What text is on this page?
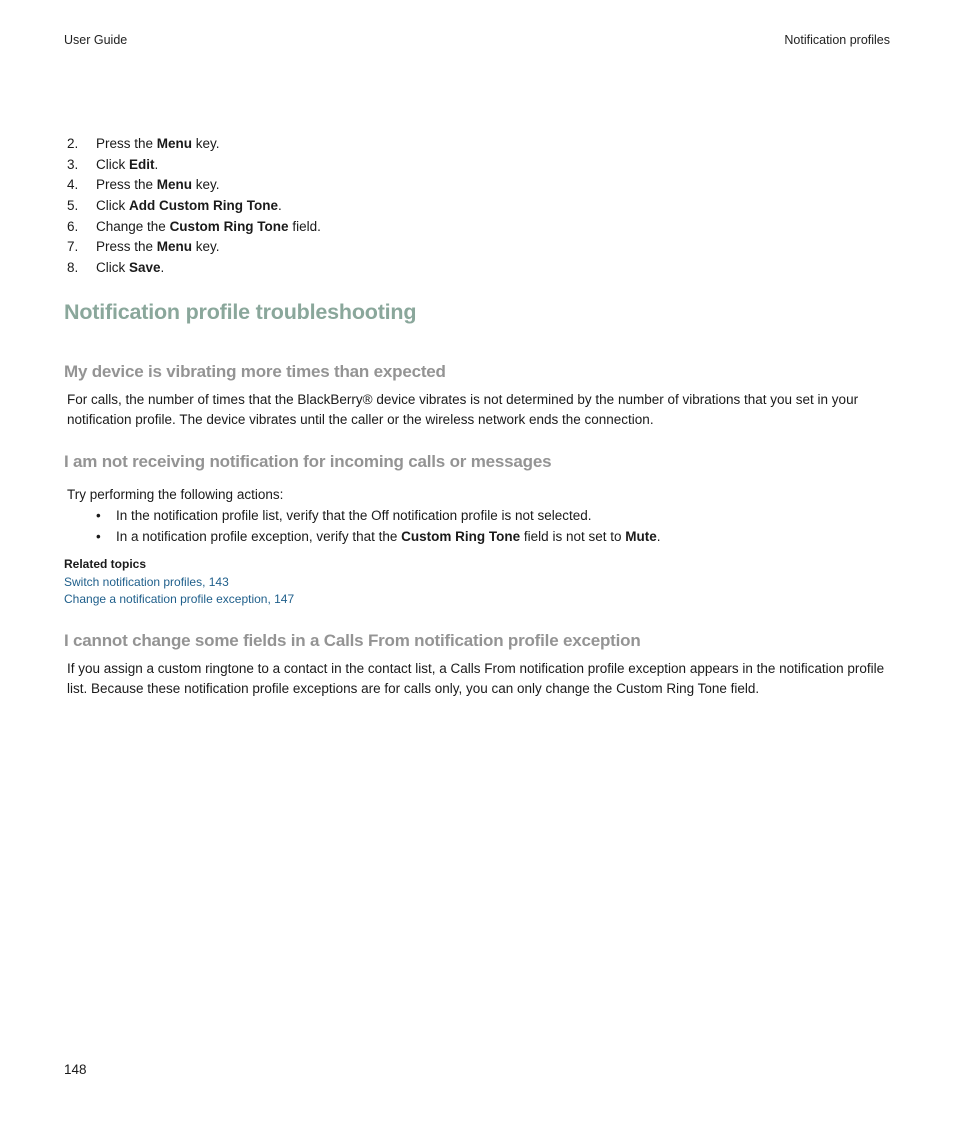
User Guide	Notification profiles
2. Press the Menu key.
3. Click Edit.
4. Press the Menu key.
5. Click Add Custom Ring Tone.
6. Change the Custom Ring Tone field.
7. Press the Menu key.
8. Click Save.
Notification profile troubleshooting
My device is vibrating more times than expected

For calls, the number of times that the BlackBerry® device vibrates is not determined by the number of vibrations that you set in your notification profile. The device vibrates until the caller or the wireless network ends the connection.

I am not receiving notification for incoming calls or messages

Try performing the following actions:

• In the notification profile list, verify that the Off notification profile is not selected.
• In a notification profile exception, verify that the Custom Ring Tone field is not set to Mute.
Related topics
Switch notification profiles, 143
Change a notification profile exception, 147
I cannot change some fields in a Calls From notification profile exception

If you assign a custom ringtone to a contact in the contact list, a Calls From notification profile exception appears in the notification profile list. Because these notification profile exceptions are for calls only, you can only change the Custom Ring Tone field.

148
